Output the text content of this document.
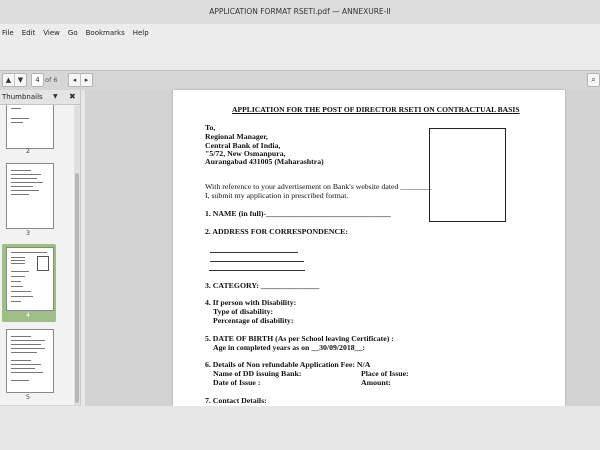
APPLICATION FORMAT RSETI.pdf — ANNEXURE-II
File	Edit	View	Go	Bookmarks	Help
▲ ▼	4 of 6	◂	▸	⌕
Thumbnails ▼ ✖
2
3
4
5
APPLICATION FOR THE POST OF DIRECTOR RSETI ON CONTRACTUAL BASIS
To,
Regional Manager,
Central Bank of India,
"5/72, New Osmanpura,
Aurangabad 431005 (Maharashtra)
With reference to your advertisement on Bank's website dated ________
I, submit my application in prescribed format.
1. NAME (in full)-________________________________
2. ADDRESS FOR CORRESPONDENCE:
3. CATEGORY: _______________
4. If person with Disability:
Type of disability:
Percentage of disability:
5. DATE OF BIRTH (As per School leaving Certificate) :
Age in completed years as on __30/09/2018__:
6. Details of Non refundable Application Fee: N/A
Name of DD issuing Bank:	Place of Issue:
Date of Issue :	Amount:
7. Contact Details:
